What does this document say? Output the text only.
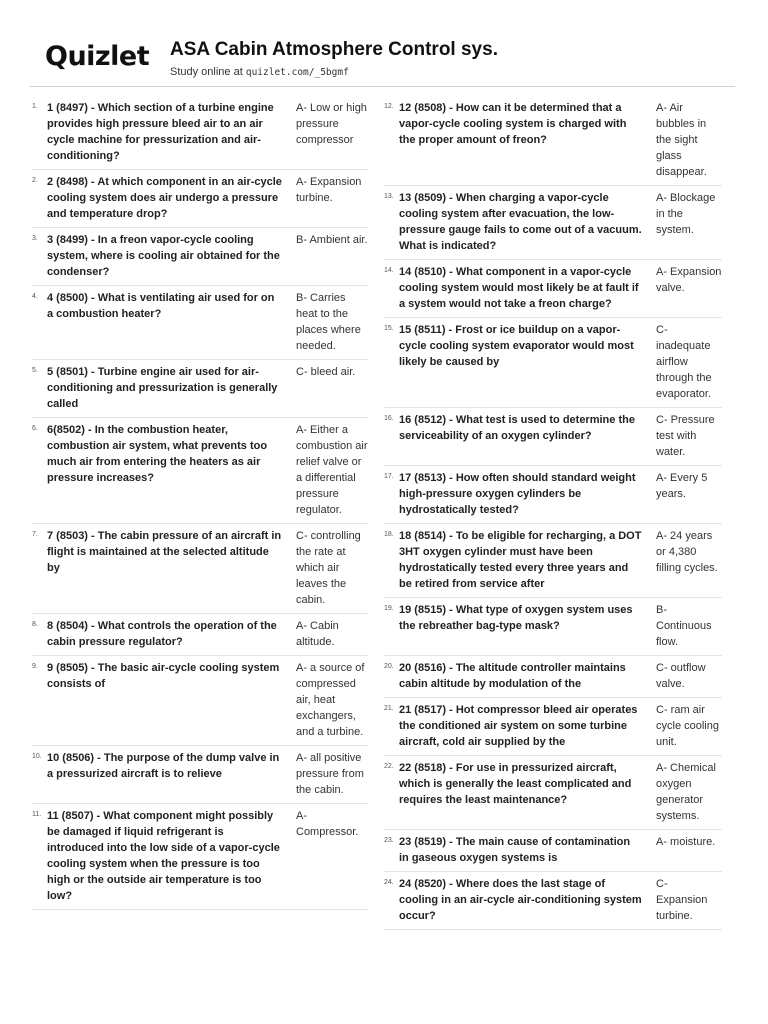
Quizlet ASA Cabin Atmosphere Control sys.
Study online at quizlet.com/_5bgmf
1. 1 (8497) - Which section of a turbine engine provides high pressure bleed air to an air cycle machine for pressurization and air-conditioning?
A- Low or high pressure compressor
2. 2 (8498) - At which component in an air-cycle cooling system does air undergo a pressure and temperature drop?
A- Expansion turbine.
3. 3 (8499) - In a freon vapor-cycle cooling system, where is cooling air obtained for the condenser?
B- Ambient air.
4. 4 (8500) - What is ventilating air used for on a combustion heater?
B- Carries heat to the places where needed.
5. 5 (8501) - Turbine engine air used for air-conditioning and pressurization is generally called
C- bleed air.
6. 6(8502) - In the combustion heater, combustion air system, what prevents too much air from entering the heaters as air pressure increases?
A- Either a combustion air relief valve or a differential pressure regulator.
7. 7 (8503) - The cabin pressure of an aircraft in flight is maintained at the selected altitude by
C- controlling the rate at which air leaves the cabin.
8. 8 (8504) - What controls the operation of the cabin pressure regulator?
A- Cabin altitude.
9. 9 (8505) - The basic air-cycle cooling system consists of
A- a source of compressed air, heat exchangers, and a turbine.
10. 10 (8506) - The purpose of the dump valve in a pressurized aircraft is to relieve
A- all positive pressure from the cabin.
11. 11 (8507) - What component might possibly be damaged if liquid refrigerant is introduced into the low side of a vapor-cycle cooling system when the pressure is too high or the outside air temperature is too low?
A- Compressor.
12. 12 (8508) - How can it be determined that a vapor-cycle cooling system is charged with the proper amount of freon?
A- Air bubbles in the sight glass disappear.
13. 13 (8509) - When charging a vapor-cycle cooling system after evacuation, the low-pressure gauge fails to come out of a vacuum. What is indicated?
A- Blockage in the system.
14. 14 (8510) - What component in a vapor-cycle cooling system would most likely be at fault if a system would not take a freon charge?
A- Expansion valve.
15. 15 (8511) - Frost or ice buildup on a vapor-cycle cooling system evaporator would most likely be caused by
C- inadequate airflow through the evaporator.
16. 16 (8512) - What test is used to determine the serviceability of an oxygen cylinder?
C- Pressure test with water.
17. 17 (8513) - How often should standard weight high-pressure oxygen cylinders be hydrostatically tested?
A- Every 5 years.
18. 18 (8514) - To be eligible for recharging, a DOT 3HT oxygen cylinder must have been hydrostatically tested every three years and be retired from service after
A- 24 years or 4,380 filling cycles.
19. 19 (8515) - What type of oxygen system uses the rebreather bag-type mask?
B- Continuous flow.
20. 20 (8516) - The altitude controller maintains cabin altitude by modulation of the
C- outflow valve.
21. 21 (8517) - Hot compressor bleed air operates the conditioned air system on some turbine aircraft, cold air supplied by the
C- ram air cycle cooling unit.
22. 22 (8518) - For use in pressurized aircraft, which is generally the least complicated and requires the least maintenance?
A- Chemical oxygen generator systems.
23. 23 (8519) - The main cause of contamination in gaseous oxygen systems is
A- moisture.
24. 24 (8520) - Where does the last stage of cooling in an air-cycle air-conditioning system occur?
C- Expansion turbine.
